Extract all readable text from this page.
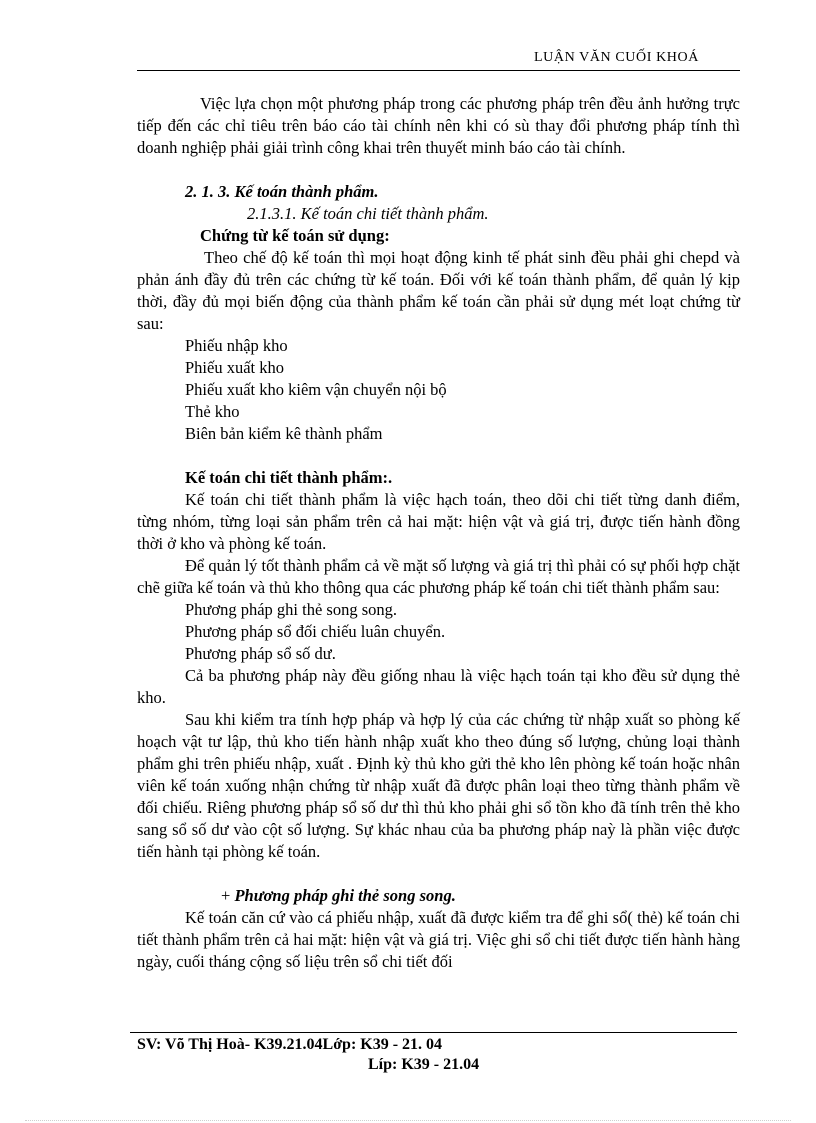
LUẬN VĂN CUỐI KHOÁ

Việc lựa chọn một phương pháp trong các phương pháp trên đều ảnh hưởng trực tiếp đến các chỉ tiêu trên báo cáo tài chính nên khi có sù thay đổi phương pháp tính thì doanh nghiệp phải giải trình công khai trên thuyết minh báo cáo tài chính.

2. 1. 3. Kế toán thành phẩm.
2.1.3.1. Kế toán chi tiết thành phẩm.
Chứng từ kế toán sử dụng:

Theo chế độ kế toán thì mọi hoạt động kinh tế phát sinh đều phải ghi chepd và phản ánh đầy đủ trên các chứng từ kế toán. Đối với kế toán thành phẩm, để quản lý kịp thời, đầy đủ mọi biến động của thành phẩm kế toán cần phải sử dụng mét loạt chứng từ sau:

Phiếu nhập kho
Phiếu xuất kho
Phiếu xuất kho kiêm vận chuyển nội bộ
Thẻ kho
Biên bản kiểm kê thành phẩm
Kế toán chi tiết thành phẩm:.

Kế toán chi tiết thành phẩm là việc hạch toán, theo dõi chi tiết từng danh điểm, từng nhóm, từng loại sản phẩm trên cả hai mặt: hiện vật và giá trị, được tiến hành đồng thời ở kho và phòng kế toán.

Để quản lý tốt thành phẩm cả về mặt số lượng và giá trị thì phải có sự phối hợp chặt chẽ giữa kế toán và thủ kho thông qua các phương pháp kế toán chi tiết thành phẩm sau:

Phương pháp ghi thẻ song song.
Phương pháp sổ đối chiếu luân chuyển.
Phương pháp sổ số dư.

Cả ba phương pháp này đều giống nhau là việc hạch toán tại kho đều sử dụng thẻ kho.

Sau khi kiểm tra tính hợp pháp và hợp lý của các chứng từ nhập xuất so phòng kế hoạch vật tư lập, thủ kho tiến hành nhập xuất kho theo đúng số lượng, chủng loại thành phẩm ghi trên phiếu nhập, xuất . Định kỳ thủ kho gửi thẻ kho lên phòng kế toán hoặc nhân viên kế toán xuống nhận chứng từ nhập xuất đã được phân loại theo từng thành phẩm về đối chiếu. Riêng phương pháp sổ số dư thì thủ kho phải ghi sổ tồn kho đã tính trên thẻ kho sang sổ số dư vào cột số lượng. Sự khác nhau của ba phương pháp naỳ là phần việc được tiến hành tại phòng kế toán.

+ Phương pháp ghi thẻ song song.

Kế toán căn cứ vào cá phiếu nhập, xuất đã được kiểm tra để ghi sổ( thẻ) kế toán chi tiết thành phẩm trên cả hai mặt: hiện vật và giá trị. Việc ghi sổ chi tiết được tiến hành hàng ngày, cuối tháng cộng số liệu trên sổ chi tiết đối

SV: Võ Thị Hoà- K39.21.04Lớp: K39 - 21. 04
Líp: K39 - 21.04
